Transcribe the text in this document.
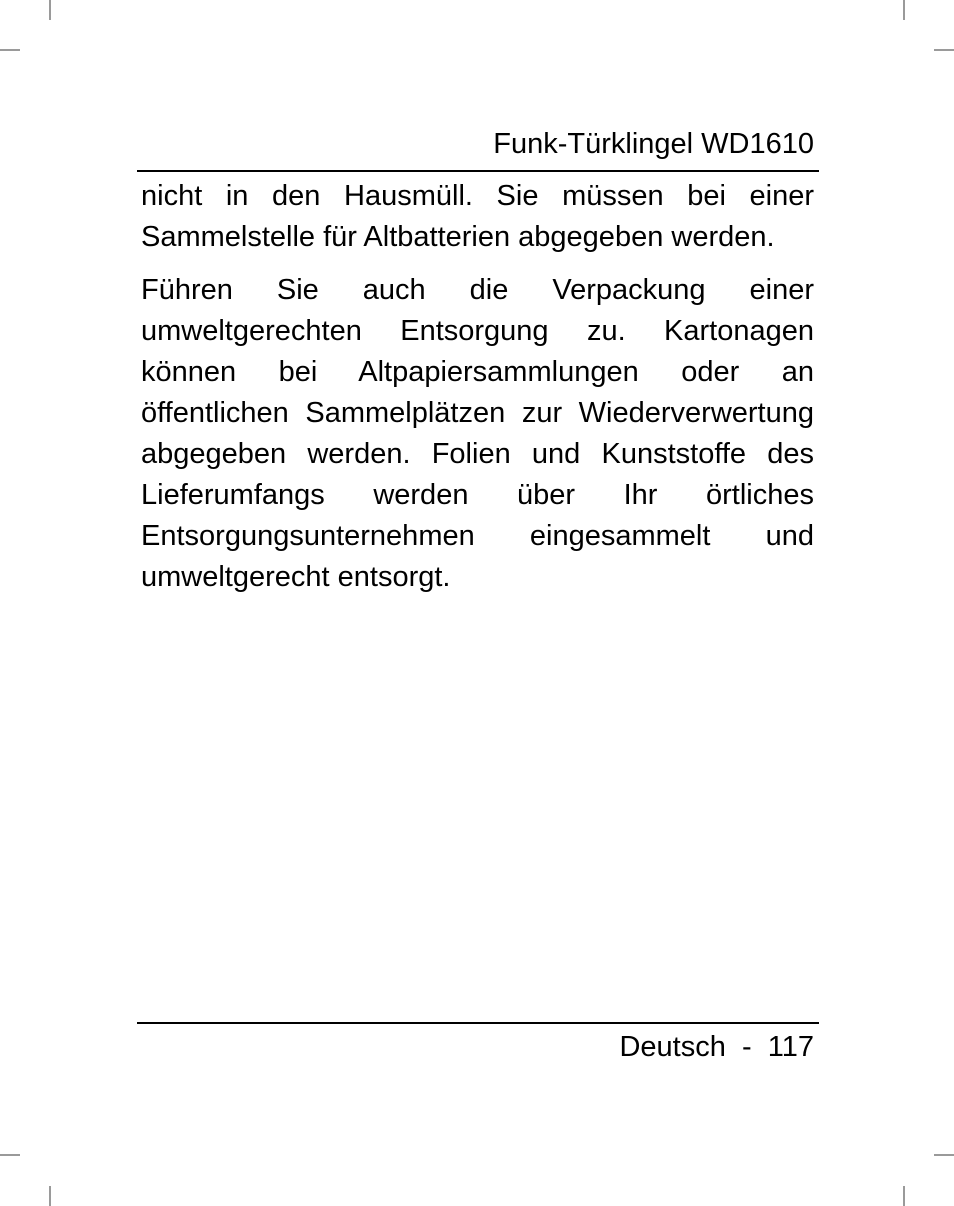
Funk-Türklingel WD1610

nicht in den Hausmüll. Sie müssen bei einer Sammelstelle für Altbatterien abgegeben werden.

Führen Sie auch die Verpackung einer umweltgerechten Entsorgung zu. Kartonagen können bei Altpapiersammlungen oder an öffentlichen Sammelplätzen zur Wiederverwertung abgegeben werden. Folien und Kunststoffe des Lieferumfangs werden über Ihr örtliches Entsorgungsunternehmen eingesammelt und umweltgerecht entsorgt.

Deutsch - 117
